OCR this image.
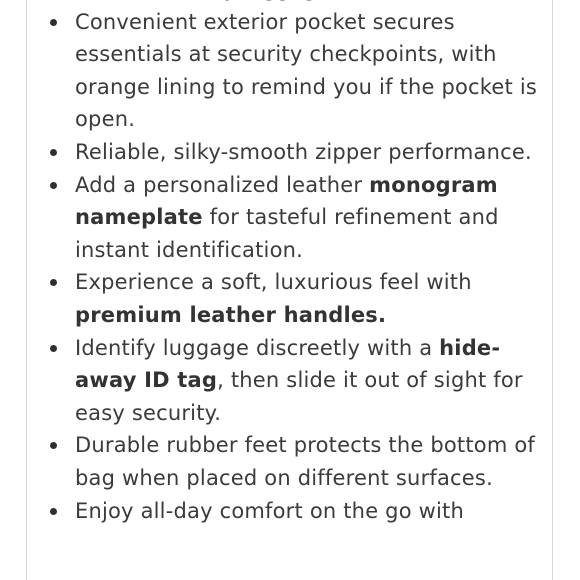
Convenient exterior pocket secures essentials at security checkpoints, with orange lining to remind you if the pocket is open.
Reliable, silky-smooth zipper performance.
Add a personalized leather monogram nameplate for tasteful refinement and instant identification.
Experience a soft, luxurious feel with premium leather handles.
Identify luggage discreetly with a hide-away ID tag, then slide it out of sight for easy security.
Durable rubber feet protects the bottom of bag when placed on different surfaces.
Enjoy all-day comfort on the go with
